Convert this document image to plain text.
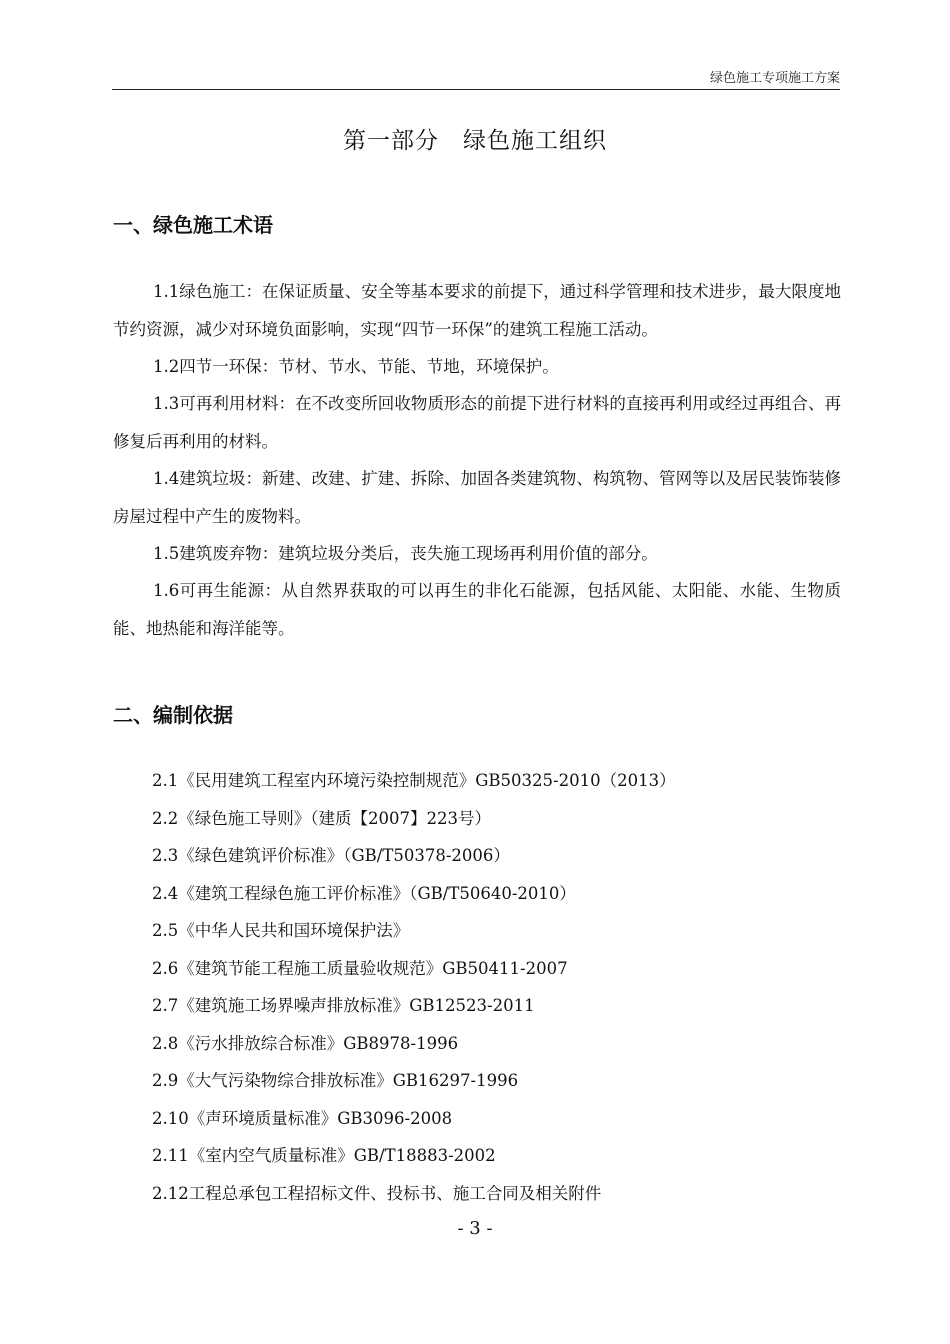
绿色施工专项施工方案
第一部分　绿色施工组织
一、绿色施工术语

1.1绿色施工：在保证质量、安全等基本要求的前提下，通过科学管理和技术进步，最大限度地节约资源，减少对环境负面影响，实现“四节一环保”的建筑工程施工活动。

1.2四节一环保：节材、节水、节能、节地，环境保护。

1.3可再利用材料：在不改变所回收物质形态的前提下进行材料的直接再利用或经过再组合、再修复后再利用的材料。

1.4建筑垃圾：新建、改建、扩建、拆除、加固各类建筑物、构筑物、管网等以及居民装饰装修房屋过程中产生的废物料。

1.5建筑废弃物：建筑垃圾分类后，丧失施工现场再利用价值的部分。

1.6可再生能源：从自然界获取的可以再生的非化石能源，包括风能、太阳能、水能、生物质能、地热能和海洋能等。

二、编制依据
2.1《民用建筑工程室内环境污染控制规范》GB50325-2010（2013）
2.2《绿色施工导则》（建质【2007】223号）
2.3《绿色建筑评价标准》（GB/T50378-2006）
2.4《建筑工程绿色施工评价标准》（GB/T50640-2010）
2.5《中华人民共和国环境保护法》
2.6《建筑节能工程施工质量验收规范》GB50411-2007
2.7《建筑施工场界噪声排放标准》GB12523-2011
2.8《污水排放综合标准》GB8978-1996
2.9《大气污染物综合排放标准》GB16297-1996
2.10《声环境质量标准》GB3096-2008
2.11《室内空气质量标准》GB/T18883-2002
2.12工程总承包工程招标文件、投标书、施工合同及相关附件
- 3 -
